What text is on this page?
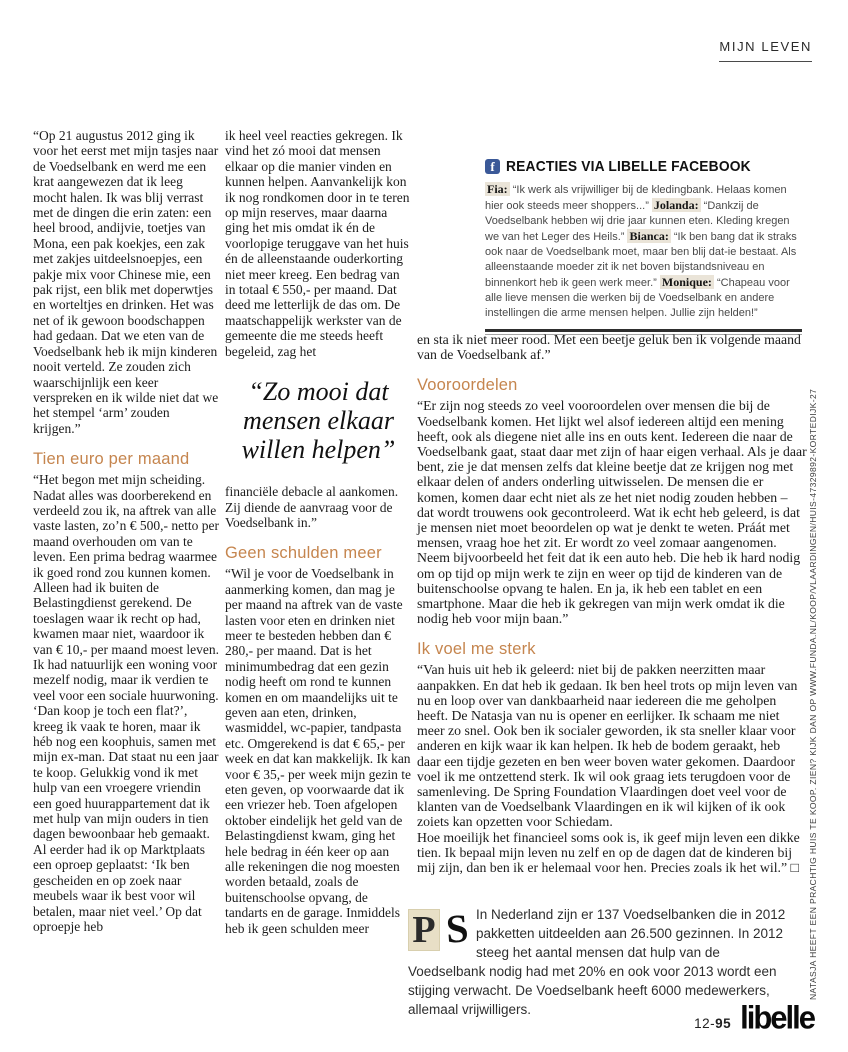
MIJN LEVEN

“Op 21 augustus 2012 ging ik voor het eerst met mijn tasjes naar de Voedselbank en werd me een krat aangewezen dat ik leeg mocht halen. Ik was blij verrast met de dingen die erin zaten: een heel brood, andijvie, toetjes van Mona, een pak koekjes, een zak met zakjes uitdeelsnoepjes, een pakje mix voor Chinese mie, een pak rijst, een blik met doperwtjes en worteltjes en drinken. Het was net of ik gewoon boodschappen had gedaan. Dat we eten van de Voedselbank heb ik mijn kinderen nooit verteld. Ze zouden zich waarschijnlijk een keer verspreken en ik wilde niet dat we het stempel ‘arm’ zouden krijgen.”

Tien euro per maand

“Het begon met mijn scheiding. Nadat alles was doorberekend en verdeeld zou ik, na aftrek van alle vaste lasten, zo’n € 500,- netto per maand overhouden om van te leven. Een prima bedrag waarmee ik goed rond zou kunnen komen. Alleen had ik buiten de Belastingdienst gerekend. De toeslagen waar ik recht op had, kwamen maar niet, waardoor ik van € 10,- per maand moest leven. Ik had natuurlijk een woning voor mezelf nodig, maar ik verdien te veel voor een sociale huurwoning. ‘Dan koop je toch een flat?’, kreeg ik vaak te horen, maar ik héb nog een koophuis, samen met mijn ex-man. Dat staat nu een jaar te koop. Gelukkig vond ik met hulp van een vroegere vriendin een goed huurappartement dat ik met hulp van mijn ouders in tien dagen bewoonbaar heb gemaakt. Al eerder had ik op Marktplaats een oproep geplaatst: ‘Ik ben gescheiden en op zoek naar meubels waar ik best voor wil betalen, maar niet veel.’ Op dat oproepje heb

ik heel veel reacties gekregen. Ik vind het zó mooi dat mensen elkaar op die manier vinden en kunnen helpen. Aanvankelijk kon ik nog rondkomen door in te teren op mijn reserves, maar daarna ging het mis omdat ik én de voorlopige teruggave van het huis én de alleenstaande ouderkorting niet meer kreeg. Een bedrag van in totaal € 550,- per maand. Dat deed me letterlijk de das om. De maatschappelijk werkster van de gemeente die me steeds heeft begeleid, zag het

“Zo mooi dat mensen elkaar willen helpen”

financiële debacle al aankomen. Zij diende de aanvraag voor de Voedselbank in.”

Geen schulden meer

“Wil je voor de Voedselbank in aanmerking komen, dan mag je per maand na aftrek van de vaste lasten voor eten en drinken niet meer te besteden hebben dan € 280,- per maand. Dat is het minimumbedrag dat een gezin nodig heeft om rond te kunnen komen en om maandelijks uit te geven aan eten, drinken, wasmiddel, wc-papier, tandpasta etc. Omgerekend is dat € 65,- per week en dat kan makkelijk. Ik kan voor € 35,- per week mijn gezin te eten geven, op voorwaarde dat ik een vriezer heb. Toen afgelopen oktober eindelijk het geld van de Belastingdienst kwam, ging het hele bedrag in één keer op aan alle rekeningen die nog moesten worden betaald, zoals de buitenschoolse opvang, de tandarts en de garage. Inmiddels heb ik geen schulden meer

f REACTIES VIA LIBELLE FACEBOOK

Fia: “Ik werk als vrijwilliger bij de kledingbank. Helaas komen hier ook steeds meer shoppers...” Jolanda: “Dankzij de Voedselbank hebben wij drie jaar kunnen eten. Kleding kregen we van het Leger des Heils.” Bianca: “Ik ben bang dat ik straks ook naar de Voedselbank moet, maar ben blij dat-ie bestaat. Als alleenstaande moeder zit ik net boven bijstandsniveau en binnenkort heb ik geen werk meer.” Monique: “Chapeau voor alle lieve mensen die werken bij de Voedselbank en andere instellingen die arme mensen helpen. Jullie zijn helden!”

en sta ik niet meer rood. Met een beetje geluk ben ik volgende maand van de Voedselbank af.”

Vooroordelen

“Er zijn nog steeds zo veel vooroordelen over mensen die bij de Voedselbank komen. Het lijkt wel alsof iedereen altijd een mening heeft, ook als diegene niet alle ins en outs kent. Iedereen die naar de Voedselbank gaat, staat daar met zijn of haar eigen verhaal. Als je daar bent, zie je dat mensen zelfs dat kleine beetje dat ze krijgen nog met elkaar delen of anders onderling uitwisselen. De mensen die er komen, komen daar echt niet als ze het niet nodig zouden hebben – dat wordt trouwens ook gecontroleerd. Wat ik echt heb geleerd, is dat je mensen niet moet beoordelen op wat je denkt te weten. Práát met mensen, vraag hoe het zit. Er wordt zo veel zomaar aangenomen. Neem bijvoorbeeld het feit dat ik een auto heb. Die heb ik hard nodig om op tijd op mijn werk te zijn en weer op tijd de kinderen van de buitenschoolse opvang te halen. En ja, ik heb een tablet en een smartphone. Maar die heb ik gekregen van mijn werk omdat ik die nodig heb voor mijn baan.”

Ik voel me sterk

“Van huis uit heb ik geleerd: niet bij de pakken neerzitten maar aanpakken. En dat heb ik gedaan. Ik ben heel trots op mijn leven van nu en loop over van dankbaarheid naar iedereen die me geholpen heeft. De Natasja van nu is opener en eerlijker. Ik schaam me niet meer zo snel. Ook ben ik socialer geworden, ik sta sneller klaar voor anderen en kijk waar ik kan helpen. Ik heb de bodem geraakt, heb daar een tijdje gezeten en ben weer boven water gekomen. Daardoor voel ik me ontzettend sterk. Ik wil ook graag iets terugdoen voor de samenleving. De Spring Foundation Vlaardingen doet veel voor de klanten van de Voedselbank Vlaardingen en ik wil kijken of ik ook zoiets kan opzetten voor Schiedam.

Hoe moeilijk het financieel soms ook is, ik geef mijn leven een dikke tien. Ik bepaal mijn leven nu zelf en op de dagen dat de kinderen bij mij zijn, dan ben ik er helemaal voor hen. Precies zoals ik het wil.” □

P S In Nederland zijn er 137 Voedselbanken die in 2012 pakketten uitdeelden aan 26.500 gezinnen. In 2012 steeg het aantal mensen dat hulp van de Voedselbank nodig had met 20% en ook voor 2013 wordt een stijging verwacht. De Voedselbank heeft 6000 medewerkers, allemaal vrijwilligers.

NATASJA HEEFT EEN PRACHTIG HUIS TE KOOP. ZIEN? KIJK DAN OP WWW.FUNDA.NL/KOOP/VLAARDINGEN/HUIS-47329892-KORTEDIJK-27
12-95 libelle
